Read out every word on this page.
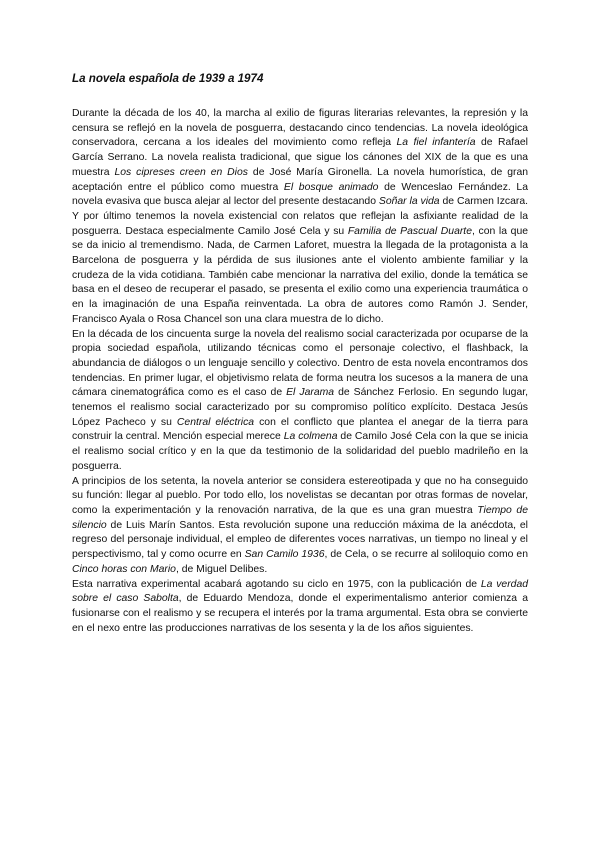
La novela española de 1939 a 1974

Durante la década de los 40, la marcha al exilio de figuras literarias relevantes, la represión y la censura se reflejó en la novela de posguerra, destacando cinco tendencias. La novela ideológica conservadora, cercana a los ideales del movimiento como refleja La fiel infantería de Rafael García Serrano. La novela realista tradicional, que sigue los cánones del XIX de la que es una muestra Los cipreses creen en Dios de José María Gironella. La novela humorística, de gran aceptación entre el público como muestra El bosque animado de Wenceslao Fernández. La novela evasiva que busca alejar al lector del presente destacando Soñar la vida de Carmen Izcara. Y por último tenemos la novela existencial con relatos que reflejan la asfixiante realidad de la posguerra. Destaca especialmente Camilo José Cela y su Familia de Pascual Duarte, con la que se da inicio al tremendismo. Nada, de Carmen Laforet, muestra la llegada de la protagonista a la Barcelona de posguerra y la pérdida de sus ilusiones ante el violento ambiente familiar y la crudeza de la vida cotidiana. También cabe mencionar la narrativa del exilio, donde la temática se basa en el deseo de recuperar el pasado, se presenta el exilio como una experiencia traumática o en la imaginación de una España reinventada. La obra de autores como Ramón J. Sender, Francisco Ayala o Rosa Chancel son una clara muestra de lo dicho.

En la década de los cincuenta surge la novela del realismo social caracterizada por ocuparse de la propia sociedad española, utilizando técnicas como el personaje colectivo, el flashback, la abundancia de diálogos o un lenguaje sencillo y colectivo. Dentro de esta novela encontramos dos tendencias. En primer lugar, el objetivismo relata de forma neutra los sucesos a la manera de una cámara cinematográfica como es el caso de El Jarama de Sánchez Ferlosio. En segundo lugar, tenemos el realismo social caracterizado por su compromiso político explícito. Destaca Jesús López Pacheco y su Central eléctrica con el conflicto que plantea el anegar de la tierra para construir la central. Mención especial merece La colmena de Camilo José Cela con la que se inicia el realismo social crítico y en la que da testimonio de la solidaridad del pueblo madrileño en la posguerra.

A principios de los setenta, la novela anterior se considera estereotipada y que no ha conseguido su función: llegar al pueblo. Por todo ello, los novelistas se decantan por otras formas de novelar, como la experimentación y la renovación narrativa, de la que es una gran muestra Tiempo de silencio de Luis Marín Santos. Esta revolución supone una reducción máxima de la anécdota, el regreso del personaje individual, el empleo de diferentes voces narrativas, un tiempo no lineal y el perspectivismo, tal y como ocurre en San Camilo 1936, de Cela, o se recurre al soliloquio como en Cinco horas con Mario, de Miguel Delibes.

Esta narrativa experimental acabará agotando su ciclo en 1975, con la publicación de La verdad sobre el caso Sabolta, de Eduardo Mendoza, donde el experimentalismo anterior comienza a fusionarse con el realismo y se recupera el interés por la trama argumental. Esta obra se convierte en el nexo entre las producciones narrativas de los sesenta y la de los años siguientes.
